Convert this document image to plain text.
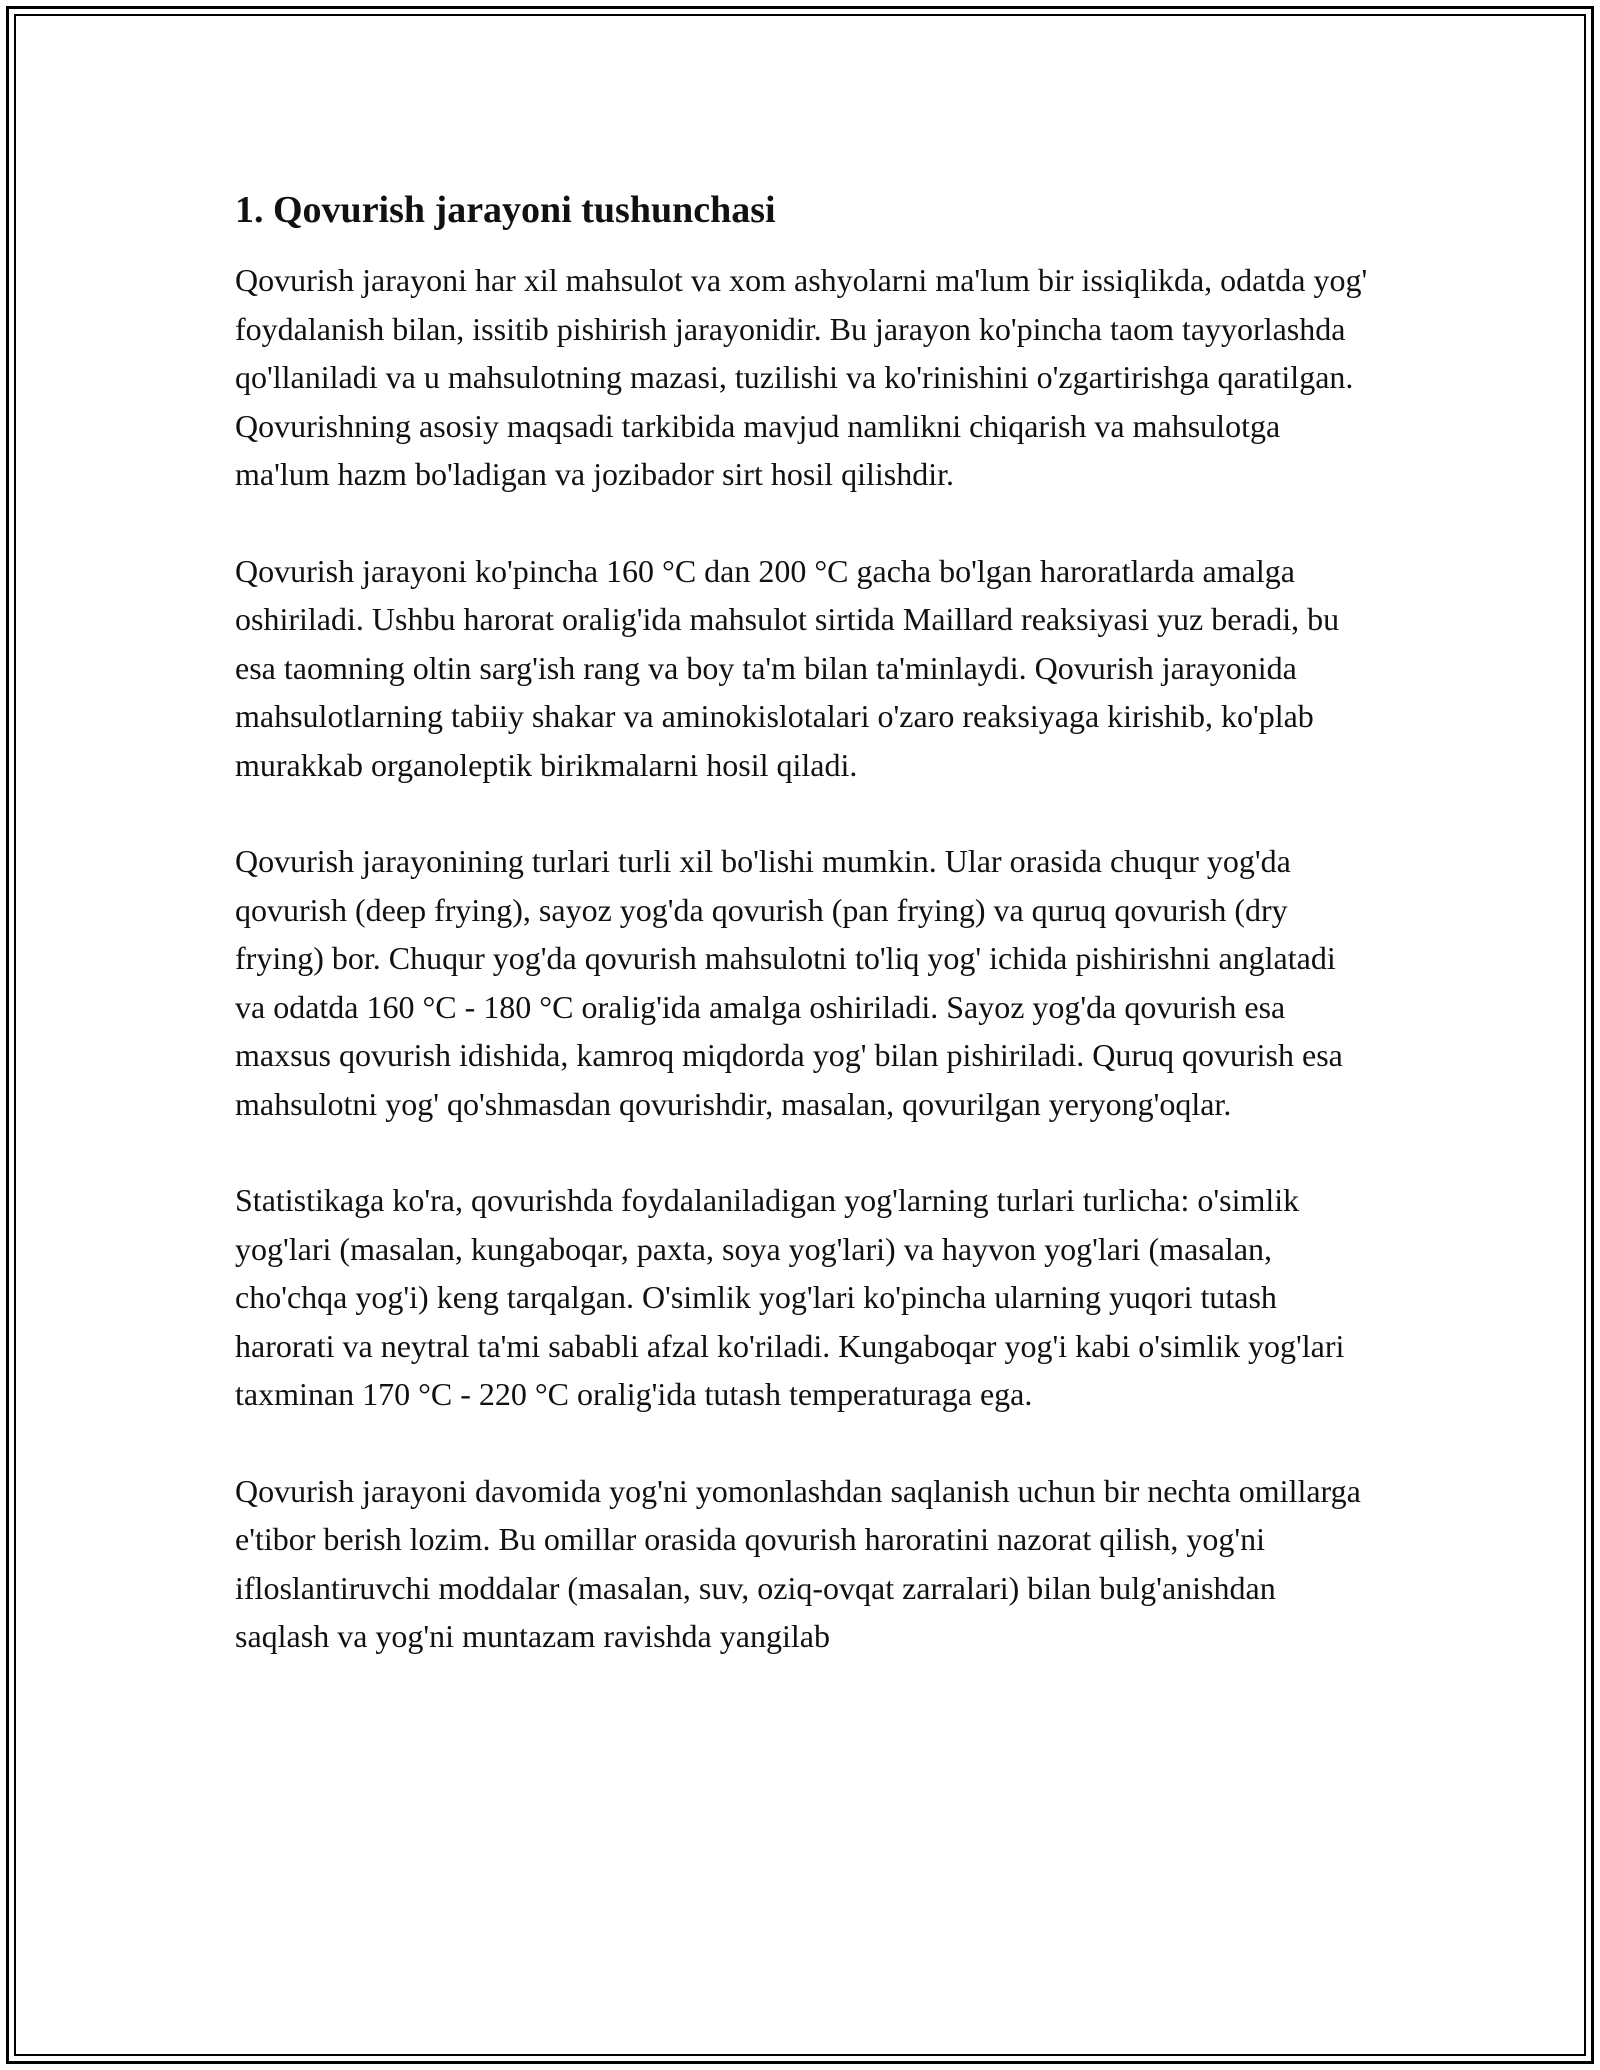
1. Qovurish jarayoni tushunchasi

Qovurish jarayoni har xil mahsulot va xom ashyolarni ma'lum bir issiqlikda, odatda yog' foydalanish bilan, issitib pishirish jarayonidir. Bu jarayon ko'pincha taom tayyorlashda qo'llaniladi va u mahsulotning mazasi, tuzilishi va ko'rinishini o'zgartirishga qaratilgan. Qovurishning asosiy maqsadi tarkibida mavjud namlikni chiqarish va mahsulotga ma'lum hazm bo'ladigan va jozibador sirt hosil qilishdir.

Qovurish jarayoni ko'pincha 160 °C dan 200 °C gacha bo'lgan haroratlarda amalga oshiriladi. Ushbu harorat oralig'ida mahsulot sirtida Maillard reaksiyasi yuz beradi, bu esa taomning oltin sarg'ish rang va boy ta'm bilan ta'minlaydi. Qovurish jarayonida mahsulotlarning tabiiy shakar va aminokislotalari o'zaro reaksiyaga kirishib, ko'plab murakkab organoleptik birikmalarni hosil qiladi.

Qovurish jarayonining turlari turli xil bo'lishi mumkin. Ular orasida chuqur yog'da qovurish (deep frying), sayoz yog'da qovurish (pan frying) va quruq qovurish (dry frying) bor. Chuqur yog'da qovurish mahsulotni to'liq yog' ichida pishirishni anglatadi va odatda 160 °C - 180 °C oralig'ida amalga oshiriladi. Sayoz yog'da qovurish esa maxsus qovurish idishida, kamroq miqdorda yog' bilan pishiriladi. Quruq qovurish esa mahsulotni yog' qo'shmasdan qovurishdir, masalan, qovurilgan yeryong'oqlar.

Statistikaga ko'ra, qovurishda foydalaniladigan yog'larning turlari turlicha: o'simlik yog'lari (masalan, kungaboqar, paxta, soya yog'lari) va hayvon yog'lari (masalan, cho'chqa yog'i) keng tarqalgan. O'simlik yog'lari ko'pincha ularning yuqori tutash harorati va neytral ta'mi sababli afzal ko'riladi. Kungaboqar yog'i kabi o'simlik yog'lari taxminan 170 °C - 220 °C oralig'ida tutash temperaturaga ega.

Qovurish jarayoni davomida yog'ni yomonlashdan saqlanish uchun bir nechta omillarga e'tibor berish lozim. Bu omillar orasida qovurish haroratini nazorat qilish, yog'ni ifloslantiruvchi moddalar (masalan, suv, oziq-ovqat zarralari) bilan bulg'anishdan saqlash va yog'ni muntazam ravishda yangilab
